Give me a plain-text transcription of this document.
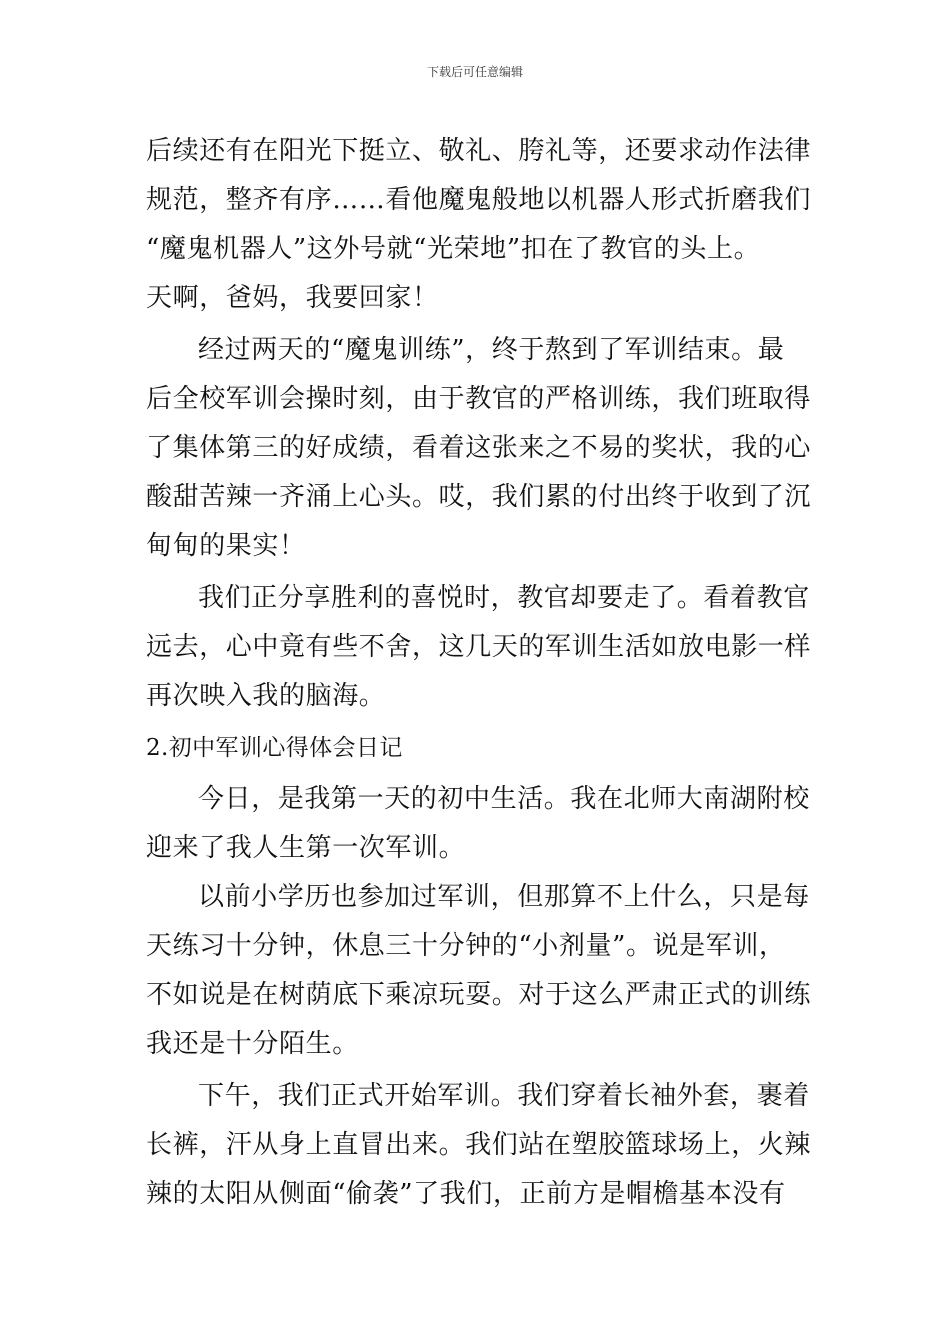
下载后可任意编辑
后续还有在阳光下挺立、敬礼、胯礼等，还要求动作法律
规范，整齐有序……看他魔鬼般地以机器人形式折磨我们
“魔鬼机器人”这外号就“光荣地”扣在了教官的头上。
天啊，爸妈，我要回家！
经过两天的“魔鬼训练”，终于熬到了军训结束。最
后全校军训会操时刻，由于教官的严格训练，我们班取得
了集体第三的好成绩，看着这张来之不易的奖状，我的心
酸甜苦辣一齐涌上心头。哎，我们累的付出终于收到了沉
甸甸的果实！
我们正分享胜利的喜悦时，教官却要走了。看着教官
远去，心中竟有些不舍，这几天的军训生活如放电影一样
再次映入我的脑海。
2.初中军训心得体会日记
今日，是我第一天的初中生活。我在北师大南湖附校
迎来了我人生第一次军训。
以前小学历也参加过军训，但那算不上什么，只是每
天练习十分钟，休息三十分钟的“小剂量”。说是军训，
不如说是在树荫底下乘凉玩耍。对于这么严肃正式的训练
我还是十分陌生。
下午，我们正式开始军训。我们穿着长袖外套，裹着
长裤，汗从身上直冒出来。我们站在塑胶篮球场上，火辣
辣的太阳从侧面“偷袭”了我们，正前方是帽檐基本没有
